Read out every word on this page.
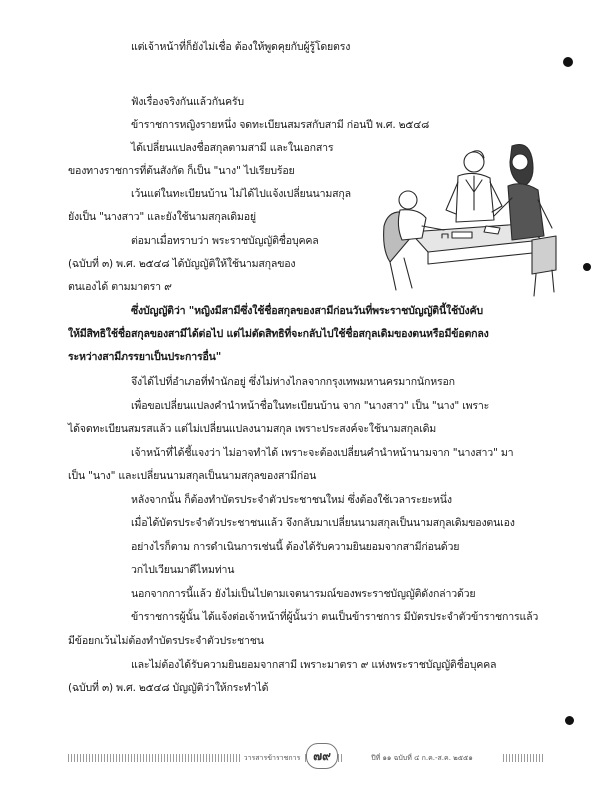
แต่เจ้าหน้าที่ก็ยังไม่เชื่อ ต้องให้พูดคุยกับผู้รู้โดยตรง
ฟังเรื่องจริงกันแล้วกันครับ
ข้าราชการหญิงรายหนึ่ง จดทะเบียนสมรสกับสามี ก่อนปี พ.ศ. ๒๕๔๘
ได้เปลี่ยนแปลงชื่อสกุลตามสามี และในเอกสาร
ของทางราชการที่ต้นสังกัด ก็เป็น "นาง" ไปเรียบร้อย
เว้นแต่ในทะเบียนบ้าน ไม่ได้ไปแจ้งเปลี่ยนนามสกุล
ยังเป็น "นางสาว" และยังใช้นามสกุลเดิมอยู่
ต่อมาเมื่อทราบว่า พระราชบัญญัติชื่อบุคคล
(ฉบับที่ ๓) พ.ศ. ๒๕๔๘ ได้บัญญัติให้ใช้นามสกุลของ
ตนเองได้ ตามมาตรา ๙
ซึ่งบัญญัติว่า "หญิงมีสามีซึ่งใช้ชื่อสกุลของสามีก่อนวันที่พระราชบัญญัตินี้ใช้บังคับ
ให้มีสิทธิใช้ชื่อสกุลของสามีได้ต่อไป แต่ไม่ตัดสิทธิที่จะกลับไปใช้ชื่อสกุลเดิมของตนหรือมีข้อตกลง
ระหว่างสามีภรรยาเป็นประการอื่น"
จึงได้ไปที่อำเภอที่พำนักอยู่ ซึ่งไม่ห่างไกลจากกรุงเทพมหานครมากนักหรอก
เพื่อขอเปลี่ยนแปลงคำนำหน้าชื่อในทะเบียนบ้าน จาก "นางสาว" เป็น "นาง" เพราะ
ได้จดทะเบียนสมรสแล้ว แต่ไม่เปลี่ยนแปลงนามสกุล เพราะประสงค์จะใช้นามสกุลเดิม
เจ้าหน้าที่ได้ชี้แจงว่า ไม่อาจทำได้ เพราะจะต้องเปลี่ยนคำนำหน้านามจาก "นางสาว" มา
เป็น "นาง" และเปลี่ยนนามสกุลเป็นนามสกุลของสามีก่อน
หลังจากนั้น ก็ต้องทำบัตรประจำตัวประชาชนใหม่ ซึ่งต้องใช้เวลาระยะหนึ่ง
เมื่อได้บัตรประจำตัวประชาชนแล้ว จึงกลับมาเปลี่ยนนามสกุลเป็นนามสกุลเดิมของตนเอง
อย่างไรก็ตาม การดำเนินการเช่นนี้ ต้องได้รับความยินยอมจากสามีก่อนด้วย
วกไปเวียนมาดีไหมท่าน
นอกจากการนี้แล้ว ยังไม่เป็นไปตามเจตนารมณ์ของพระราชบัญญัติดังกล่าวด้วย
ข้าราชการผู้นั้น ได้แจ้งต่อเจ้าหน้าที่ผู้นั้นว่า ตนเป็นข้าราชการ มีบัตรประจำตัวข้าราชการแล้ว
มีข้อยกเว้นไม่ต้องทำบัตรประจำตัวประชาชน
และไม่ต้องได้รับความยินยอมจากสามี เพราะมาตรา ๙ แห่งพระราชบัญญัติชื่อบุคคล
(ฉบับที่ ๓) พ.ศ. ๒๕๔๘ บัญญัติว่าให้กระทำได้
วารสารข้าราชการ	๗๙	ปีที่ ๑๑ ฉบับที่ ๔ ก.ค.-ส.ค. ๒๕๕๑
